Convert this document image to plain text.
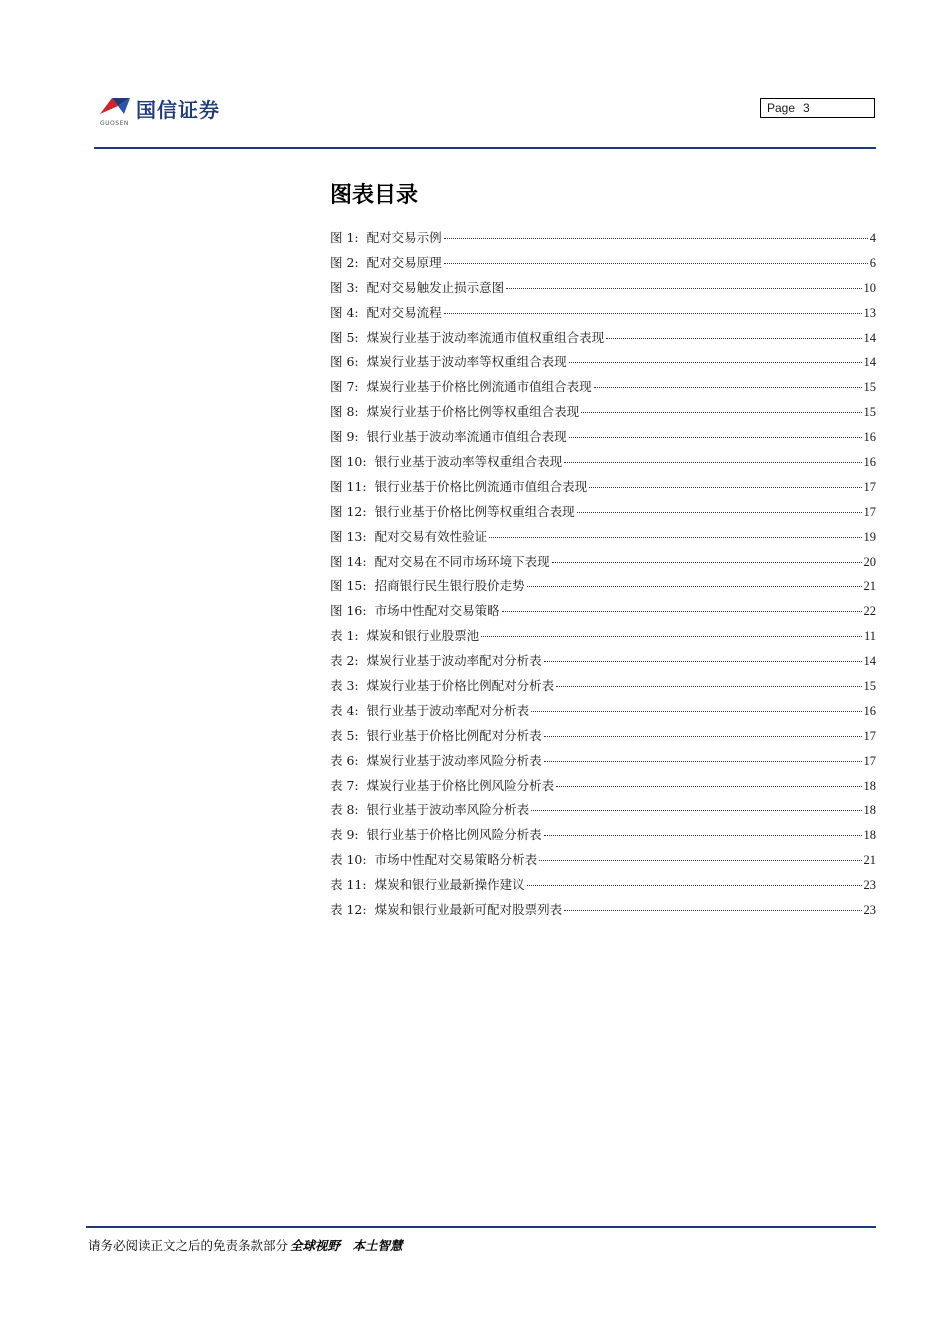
国信证券
GUOSEN
Page 3
图表目录
图 1: 配对交易示例	4
图 2: 配对交易原理	6
图 3: 配对交易触发止损示意图	10
图 4: 配对交易流程	13
图 5: 煤炭行业基于波动率流通市值权重组合表现	14
图 6: 煤炭行业基于波动率等权重组合表现	14
图 7: 煤炭行业基于价格比例流通市值组合表现	15
图 8: 煤炭行业基于价格比例等权重组合表现	15
图 9: 银行业基于波动率流通市值组合表现	16
图 10: 银行业基于波动率等权重组合表现	16
图 11: 银行业基于价格比例流通市值组合表现	17
图 12: 银行业基于价格比例等权重组合表现	17
图 13: 配对交易有效性验证	19
图 14: 配对交易在不同市场环境下表现	20
图 15: 招商银行民生银行股价走势	21
图 16: 市场中性配对交易策略	22
表 1: 煤炭和银行业股票池	11
表 2: 煤炭行业基于波动率配对分析表	14
表 3: 煤炭行业基于价格比例配对分析表	15
表 4: 银行业基于波动率配对分析表	16
表 5: 银行业基于价格比例配对分析表	17
表 6: 煤炭行业基于波动率风险分析表	17
表 7: 煤炭行业基于价格比例风险分析表	18
表 8: 银行业基于波动率风险分析表	18
表 9: 银行业基于价格比例风险分析表	18
表 10: 市场中性配对交易策略分析表	21
表 11: 煤炭和银行业最新操作建议	23
表 12: 煤炭和银行业最新可配对股票列表	23
请务必阅读正文之后的免责条款部分 全球视野　本土智慧
